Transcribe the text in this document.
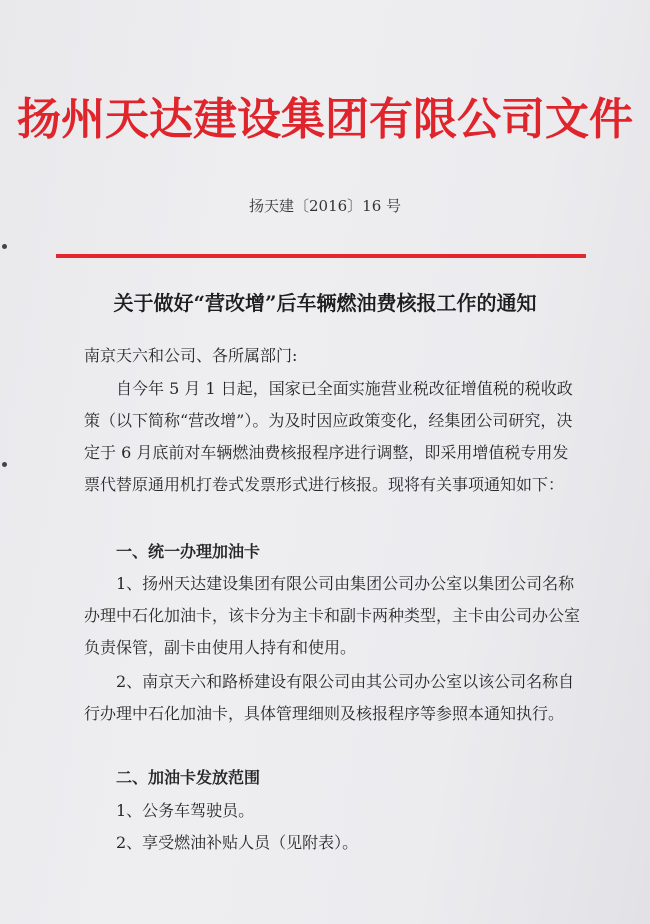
扬州天达建设集团有限公司文件
扬天建〔2016〕16 号
关于做好“营改增”后车辆燃油费核报工作的通知
南京天六和公司、各所属部门:
自今年 5 月 1 日起，国家已全面实施营业税改征增值税的税收政策（以下简称“营改增”）。为及时因应政策变化，经集团公司研究，决定于 6 月底前对车辆燃油费核报程序进行调整，即采用增值税专用发票代替原通用机打卷式发票形式进行核报。现将有关事项通知如下：
一、统一办理加油卡
1、扬州天达建设集团有限公司由集团公司办公室以集团公司名称办理中石化加油卡，该卡分为主卡和副卡两种类型，主卡由公司办公室负责保管，副卡由使用人持有和使用。
2、南京天六和路桥建设有限公司由其公司办公室以该公司名称自行办理中石化加油卡，具体管理细则及核报程序等参照本通知执行。
二、加油卡发放范围
1、公务车驾驶员。
2、享受燃油补贴人员（见附表）。
